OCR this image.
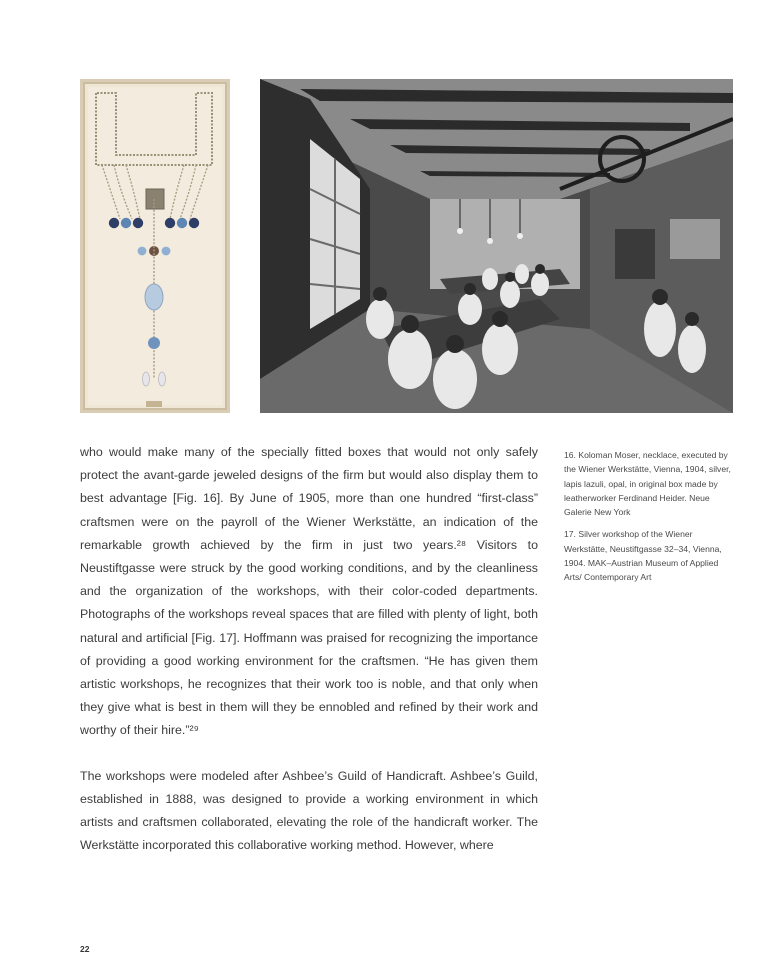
who would make many of the specially fitted boxes that would not only safely protect the avant-garde jeweled designs of the firm but would also display them to best advantage [Fig. 16]. By June of 1905, more than one hundred “first-class” craftsmen were on the payroll of the Wiener Werkstätte, an indication of the remarkable growth achieved by the firm in just two years.²⁸ Visitors to Neustiftgasse were struck by the good working conditions, and by the cleanliness and the organization of the workshops, with their color-coded departments. Photographs of the workshops reveal spaces that are filled with plenty of light, both natural and artificial [Fig. 17]. Hoffmann was praised for recognizing the importance of providing a good working environment for the craftsmen. “He has given them artistic workshops, he recognizes that their work too is noble, and that only when they give what is best in them will they be ennobled and refined by their work and worthy of their hire.”²⁹

The workshops were modeled after Ashbee’s Guild of Handicraft. Ashbee’s Guild, established in 1888, was designed to provide a working environment in which artists and craftsmen collaborated, elevating the role of the handicraft worker. The Werkstätte incorporated this collaborative working method. However, where

16. Koloman Moser, necklace, executed by the Wiener Werkstätte, Vienna, 1904, silver, lapis lazuli, opal, in original box made by leatherworker Ferdinand Heider. Neue Galerie New York

17. Silver workshop of the Wiener Werkstätte, Neustiftgasse 32–34, Vienna, 1904. MAK–Austrian Museum of Applied Arts/ Contemporary Art

22
